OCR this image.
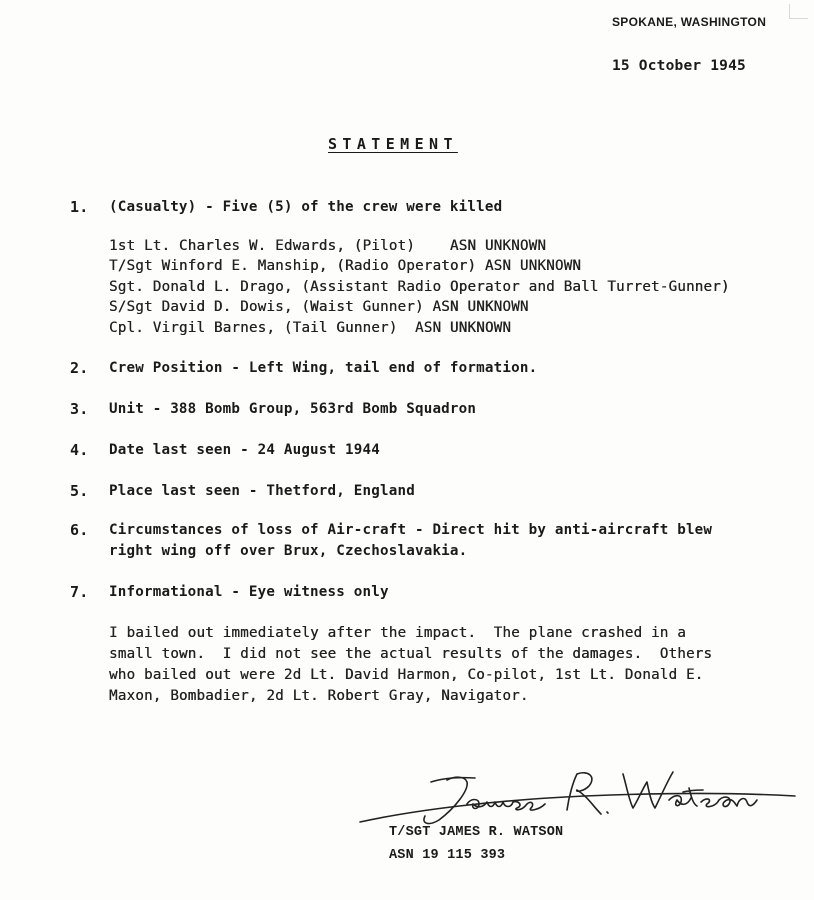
SPOKANE, WASHINGTON
15 October 1945
STATEMENT
1. (Casualty) - Five (5) of the crew were killed
1st Lt. Charles W. Edwards, (Pilot)    ASN UNKNOWN
T/Sgt Winford E. Manship, (Radio Operator) ASN UNKNOWN
Sgt. Donald L. Drago, (Assistant Radio Operator and Ball Turret-Gunner)
S/Sgt David D. Dowis, (Waist Gunner) ASN UNKNOWN
Cpl. Virgil Barnes, (Tail Gunner)  ASN UNKNOWN
2. Crew Position - Left Wing, tail end of formation.
3. Unit - 388 Bomb Group, 563rd Bomb Squadron
4. Date last seen - 24 August 1944
5. Place last seen - Thetford, England
6. Circumstances of loss of Air-craft - Direct hit by anti-aircraft blew
right wing off over Brux, Czechoslavakia.
7. Informational - Eye witness only
I bailed out immediately after the impact.  The plane crashed in a
small town.  I did not see the actual results of the damages.  Others
who bailed out were 2d Lt. David Harmon, Co-pilot, 1st Lt. Donald E.
Maxon, Bombadier, 2d Lt. Robert Gray, Navigator.
T/SGT JAMES R. WATSON
ASN 19 115 393
